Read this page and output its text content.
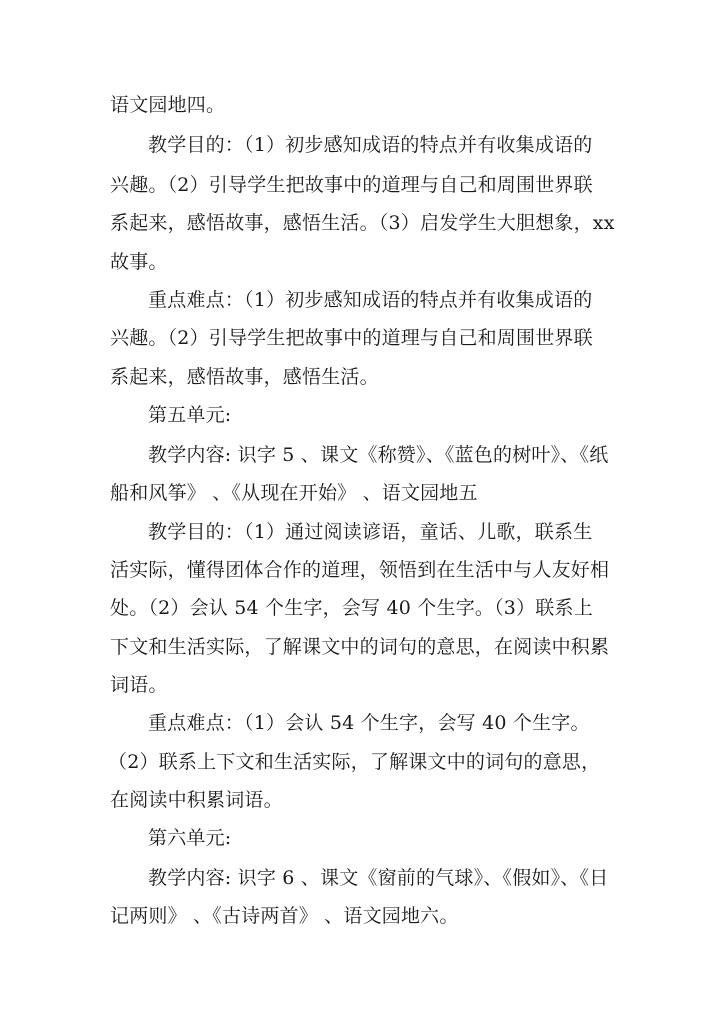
语文园地四。
教学目的：（1）初步感知成语的特点并有收集成语的
兴趣。（2）引导学生把故事中的道理与自己和周围世界联
系起来，感悟故事，感悟生活。（3）启发学生大胆想象，xx
故事。
重点难点：（1）初步感知成语的特点并有收集成语的
兴趣。（2）引导学生把故事中的道理与自己和周围世界联
系起来，感悟故事，感悟生活。
第五单元:
教学内容: 识字 5 、课文《称赞》、《蓝色的树叶》、《纸
船和风筝》 、《从现在开始》 、语文园地五
教学目的：（1）通过阅读谚语，童话、儿歌，联系生
活实际，懂得团体合作的道理，领悟到在生活中与人友好相
处。（2）会认 54 个生字，会写 40 个生字。（3）联系上
下文和生活实际，了解课文中的词句的意思，在阅读中积累
词语。
重点难点：（1）会认 54 个生字，会写 40 个生字。
（2）联系上下文和生活实际，了解课文中的词句的意思，
在阅读中积累词语。
第六单元:
教学内容: 识字 6 、课文《窗前的气球》、《假如》、《日
记两则》 、《古诗两首》 、语文园地六。
